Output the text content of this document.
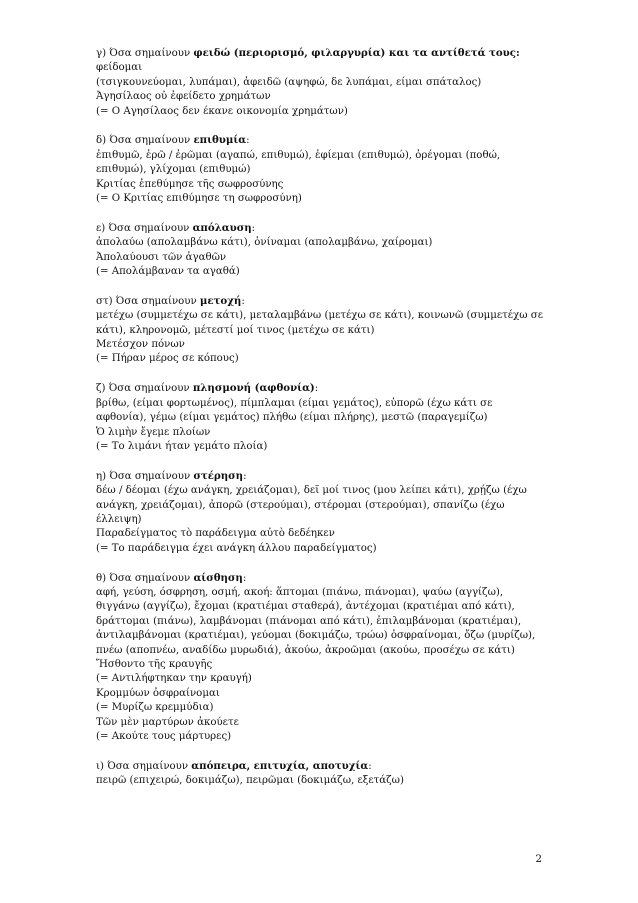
γ) Όσα σημαίνουν φειδώ (περιορισμό, φιλαργυρία) και τα αντίθετά τους: φείδομαι
(τσιγκουνεύομαι, λυπάμαι), ἀφειδῶ (αψηφώ, δε λυπάμαι, είμαι σπάταλος)
Ἀγησίλαος οὐ ἐφείδετο χρημάτων
(= Ο Αγησίλαος δεν έκανε οικονομία χρημάτων)
δ) Όσα σημαίνουν επιθυμία:
ἐπιθυμῶ, ἐρῶ / ἐρῶμαι (αγαπώ, επιθυμώ), ἐφίεμαι (επιθυμώ), ὀρέγομαι (ποθώ,
επιθυμώ), γλίχομαι (επιθυμώ)
Κριτίας ἐπεθύμησε τῆς σωφροσύνης
(= Ο Κριτίας επιθύμησε τη σωφροσύνη)
ε) Όσα σημαίνουν απόλαυση:
ἀπολαύω (απολαμβάνω κάτι), ὀνίναμαι (απολαμβάνω, χαίρομαι)
Ἀπολαύουσι τῶν ἀγαθῶν
(= Απολάμβαναν τα αγαθά)
στ) Όσα σημαίνουν μετοχή:
μετέχω (συμμετέχω σε κάτι), μεταλαμβάνω (μετέχω σε κάτι), κοινωνῶ (συμμετέχω σε
κάτι), κληρονομῶ, μέτεστί μοί τινος (μετέχω σε κάτι)
Μετέσχον πόνων
(= Πήραν μέρος σε κόπους)
ζ) Όσα σημαίνουν πλησμονή (αφθονία):
βρίθω, (είμαι φορτωμένος), πίμπλαμαι (είμαι γεμάτος), εὐπορῶ (έχω κάτι σε
αφθονία), γέμω (είμαι γεμάτος) πλήθω (είμαι πλήρης), μεστῶ (παραγεμίζω)
Ὁ λιμὴν ἔγεμε πλοίων
(= Το λιμάνι ήταν γεμάτο πλοία)
η) Όσα σημαίνουν στέρηση:
δέω / δέομαι (έχω ανάγκη, χρειάζομαι), δεῖ μοί τινος (μου λείπει κάτι), χρῄζω (έχω
ανάγκη, χρειάζομαι), ἀπορῶ (στερούμαι), στέρομαι (στερούμαι), σπανίζω (έχω
έλλειψη)
Παραδείγματος τὸ παράδειγμα αὐτὸ δεδέηκεν
(= Το παράδειγμα έχει ανάγκη άλλου παραδείγματος)
θ) Όσα σημαίνουν αίσθηση:
αφή, γεύση, όσφρηση, οσμή, ακοή: ἅπτομαι (πιάνω, πιάνομαι), ψαύω (αγγίζω),
θιγγάνω (αγγίζω), ἔχομαι (κρατιέμαι σταθερά), ἀντέχομαι (κρατιέμαι από κάτι),
δράττομαι (πιάνω), λαμβάνομαι (πιάνομαι από κάτι), ἐπιλαμβάνομαι (κρατιέμαι),
ἀντιλαμβάνομαι (κρατιέμαι), γεύομαι (δοκιμάζω, τρώω) ὀσφραίνομαι, ὄζω (μυρίζω),
πνέω (αποπνέω, αναδίδω μυρωδιά), ἀκούω, ἀκροῶμαι (ακούω, προσέχω σε κάτι)
Ἤσθοντο τῆς κραυγῆς
(= Αντιλήφτηκαν την κραυγή)
Κρομμύων ὀσφραίνομαι
(= Μυρίζω κρεμμύδια)
Τῶν μὲν μαρτύρων ἀκούετε
(= Ακούτε τους μάρτυρες)
ι) Όσα σημαίνουν απόπειρα, επιτυχία, αποτυχία:
πειρῶ (επιχειρώ, δοκιμάζω), πειρῶμαι (δοκιμάζω, εξετάζω)
2
